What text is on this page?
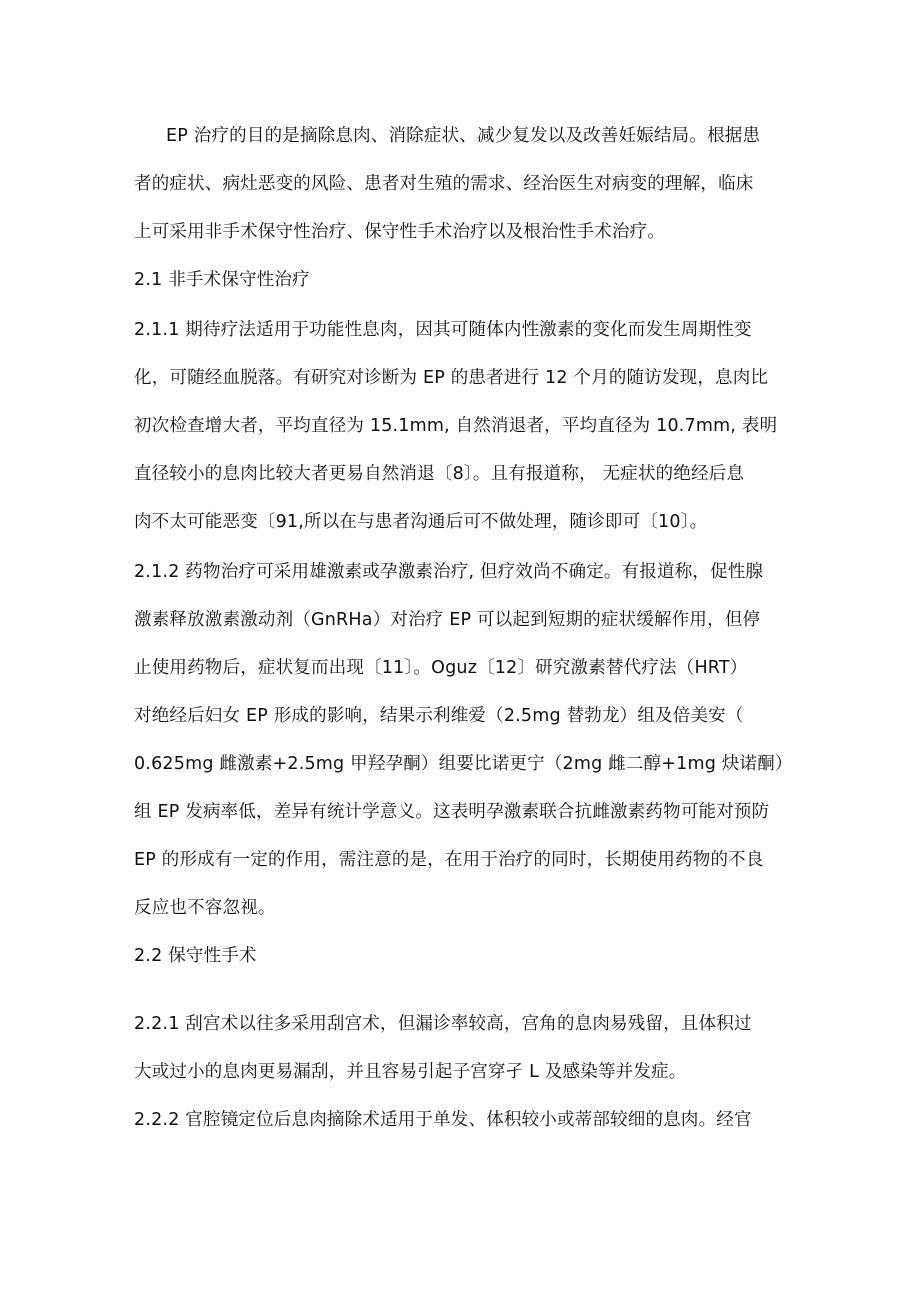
EP 治疗的目的是摘除息肉、消除症状、减少复发以及改善妊娠结局。根据患

者的症状、病灶恶变的风险、患者对生殖的需求、经治医生对病变的理解，临床

上可采用非手术保守性治疗、保守性手术治疗以及根治性手术治疗。

2.1 非手术保守性治疗

2.1.1 期待疗法适用于功能性息肉，因其可随体内性激素的变化而发生周期性变

化，可随经血脱落。有研究对诊断为 EP 的患者进行 12 个月的随访发现，息肉比

初次检查增大者，平均直径为 15.1mm, 自然消退者，平均直径为 10.7mm, 表明

直径较小的息肉比较大者更易自然消退〔8〕。且有报道称， 无症状的绝经后息

肉不太可能恶变〔91,所以在与患者沟通后可不做处理，随诊即可〔10〕。

2.1.2 药物治疗可采用雄激素或孕激素治疗, 但疗效尚不确定。有报道称，促性腺

激素释放激素激动剂（GnRHa）对治疗 EP 可以起到短期的症状缓解作用，但停

止使用药物后，症状复而出现〔11〕。Oguz〔12〕研究激素替代疗法（HRT）

对绝经后妇女 EP 形成的影响，结果示利维爱（2.5mg 替勃龙）组及倍美安（

0.625mg 雌激素+2.5mg 甲羟孕酮）组要比诺更宁（2mg 雌二醇+1mg 炔诺酮）

组 EP 发病率低，差异有统计学意义。这表明孕激素联合抗雌激素药物可能对预防

EP 的形成有一定的作用，需注意的是，在用于治疗的同时，长期使用药物的不良

反应也不容忽视。

2.2 保守性手术

2.2.1 刮宫术以往多采用刮宫术，但漏诊率较高，宫角的息肉易残留，且体积过

大或过小的息肉更易漏刮，并且容易引起子宫穿孑 L 及感染等并发症。

2.2.2 官腔镜定位后息肉摘除术适用于单发、体积较小或蒂部较细的息肉。经官
